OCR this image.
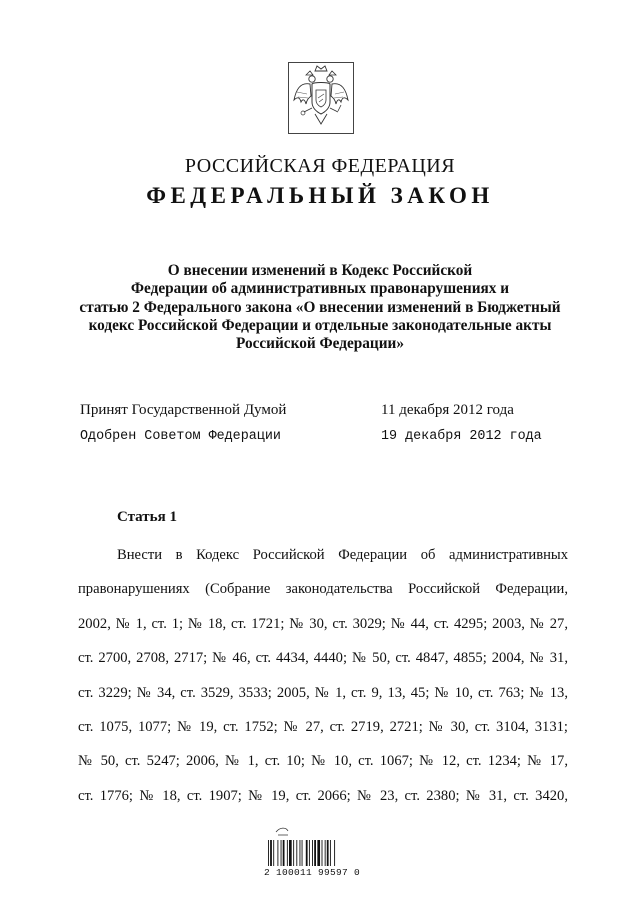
РОССИЙСКАЯ ФЕДЕРАЦИЯ
ФЕДЕРАЛЬНЫЙ ЗАКОН
О внесении изменений в Кодекс Российской
Федерации об административных правонарушениях и
статью 2 Федерального закона «О внесении изменений в Бюджетный
кодекс Российской Федерации и отдельные законодательные акты
Российской Федерации»
Принят Государственной Думой	11 декабря 2012 года
Одобрен Советом Федерации	19 декабря 2012 года
Статья 1
Внести в Кодекс Российской Федерации об административных
правонарушениях (Собрание законодательства Российской Федерации,
2002, № 1, ст. 1; № 18, ст. 1721; № 30, ст. 3029; № 44, ст. 4295; 2003, № 27,
ст. 2700, 2708, 2717; № 46, ст. 4434, 4440; № 50, ст. 4847, 4855; 2004, № 31,
ст. 3229; № 34, ст. 3529, 3533; 2005, № 1, ст. 9, 13, 45; № 10, ст. 763; № 13,
ст. 1075, 1077; № 19, ст. 1752; № 27, ст. 2719, 2721; № 30, ст. 3104, 3131;
№ 50, ст. 5247; 2006, № 1, ст. 10; № 10, ст. 1067; № 12, ст. 1234; № 17,
ст. 1776; № 18, ст. 1907; № 19, ст. 2066; № 23, ст. 2380; № 31, ст. 3420,
2 100011 99597 0
